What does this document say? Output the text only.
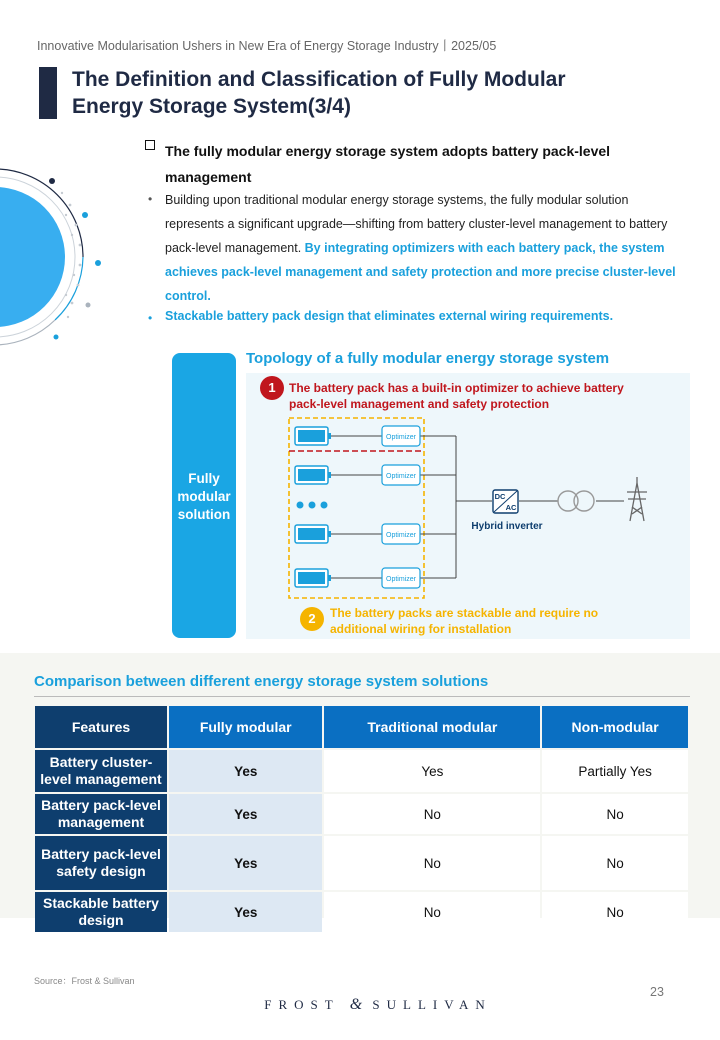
Innovative Modularisation Ushers in New Era of Energy Storage Industry丨2025/05
The Definition and Classification of Fully Modular
Energy Storage System(3/4)
The fully modular energy storage system adopts battery pack-level management
• Building upon traditional modular energy storage systems, the fully modular solution represents a significant upgrade—shifting from battery cluster-level management to battery pack-level management. By integrating optimizers with each battery pack, the system achieves pack-level management and safety protection and more precise cluster-level control.
• Stackable battery pack design that eliminates external wiring requirements.
Fully modular solution
Topology of a fully modular energy storage system
Optimizer
Optimizer
Optimizer
Optimizer
DC
AC
Hybrid inverter
1	The battery pack has a built-in optimizer to achieve battery pack-level management and safety protection
2	The battery packs are stackable and require no additional wiring for installation
Comparison between different energy storage system solutions
Features	Fully modular	Traditional modular	Non-modular
Battery cluster-level management	Yes	Yes	Partially Yes
Battery pack-level management	Yes	No	No
Battery pack-level safety design	Yes	No	No
Stackable battery design	Yes	No	No
Source：Frost & Sullivan
FROST & SULLIVAN
23
